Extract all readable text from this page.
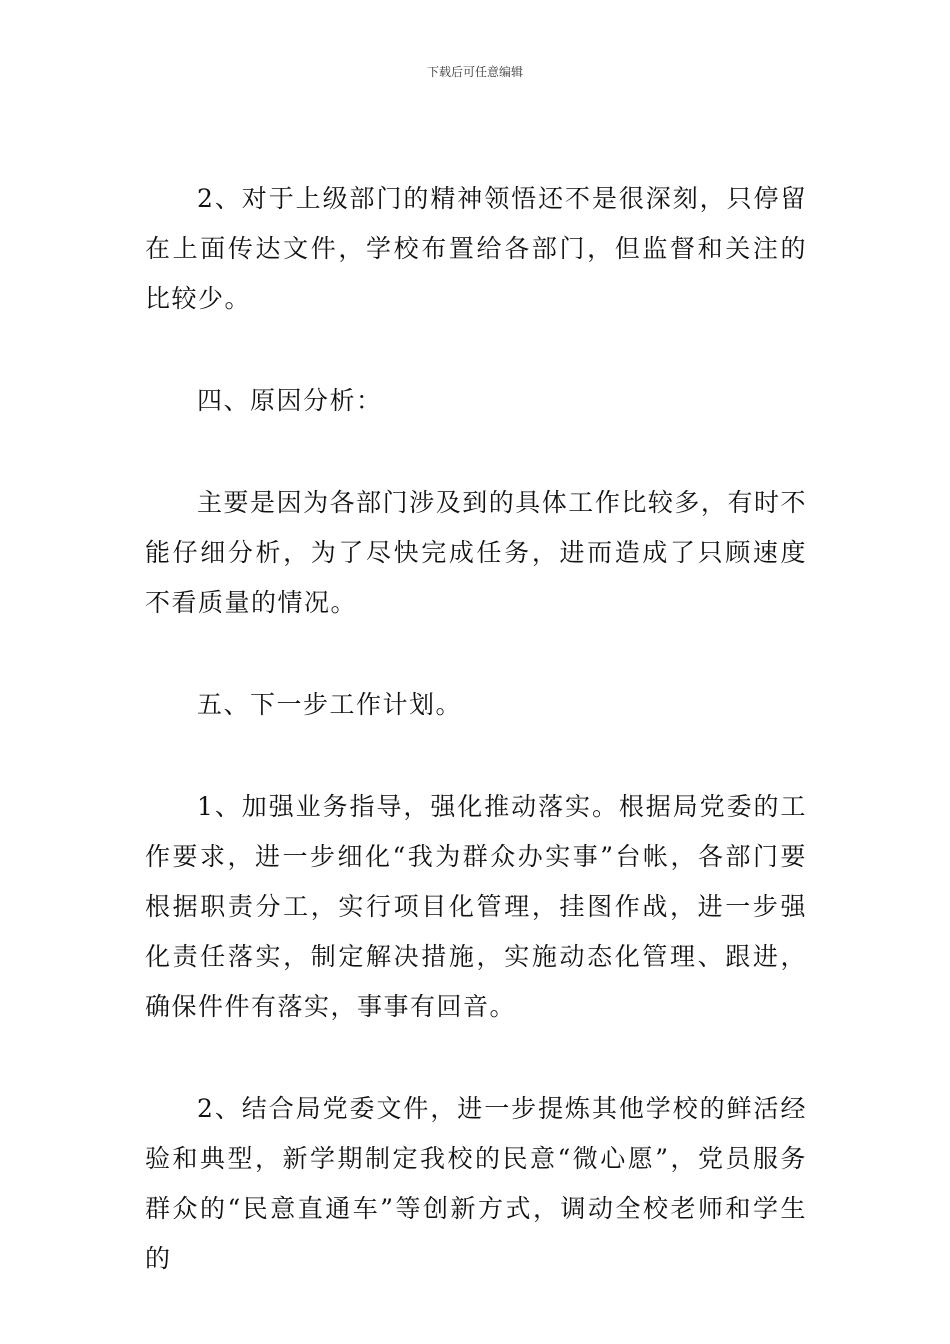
下载后可任意编辑

2、对于上级部门的精神领悟还不是很深刻，只停留在上面传达文件，学校布置给各部门，但监督和关注的比较少。

四、原因分析：

主要是因为各部门涉及到的具体工作比较多，有时不能仔细分析，为了尽快完成任务，进而造成了只顾速度不看质量的情况。

五、下一步工作计划。

1、加强业务指导，强化推动落实。根据局党委的工作要求，进一步细化“我为群众办实事”台帐，各部门要根据职责分工，实行项目化管理，挂图作战，进一步强化责任落实，制定解决措施，实施动态化管理、跟进，确保件件有落实，事事有回音。

2、结合局党委文件，进一步提炼其他学校的鲜活经验和典型，新学期制定我校的民意“微心愿”，党员服务群众的“民意直通车”等创新方式，调动全校老师和学生的
